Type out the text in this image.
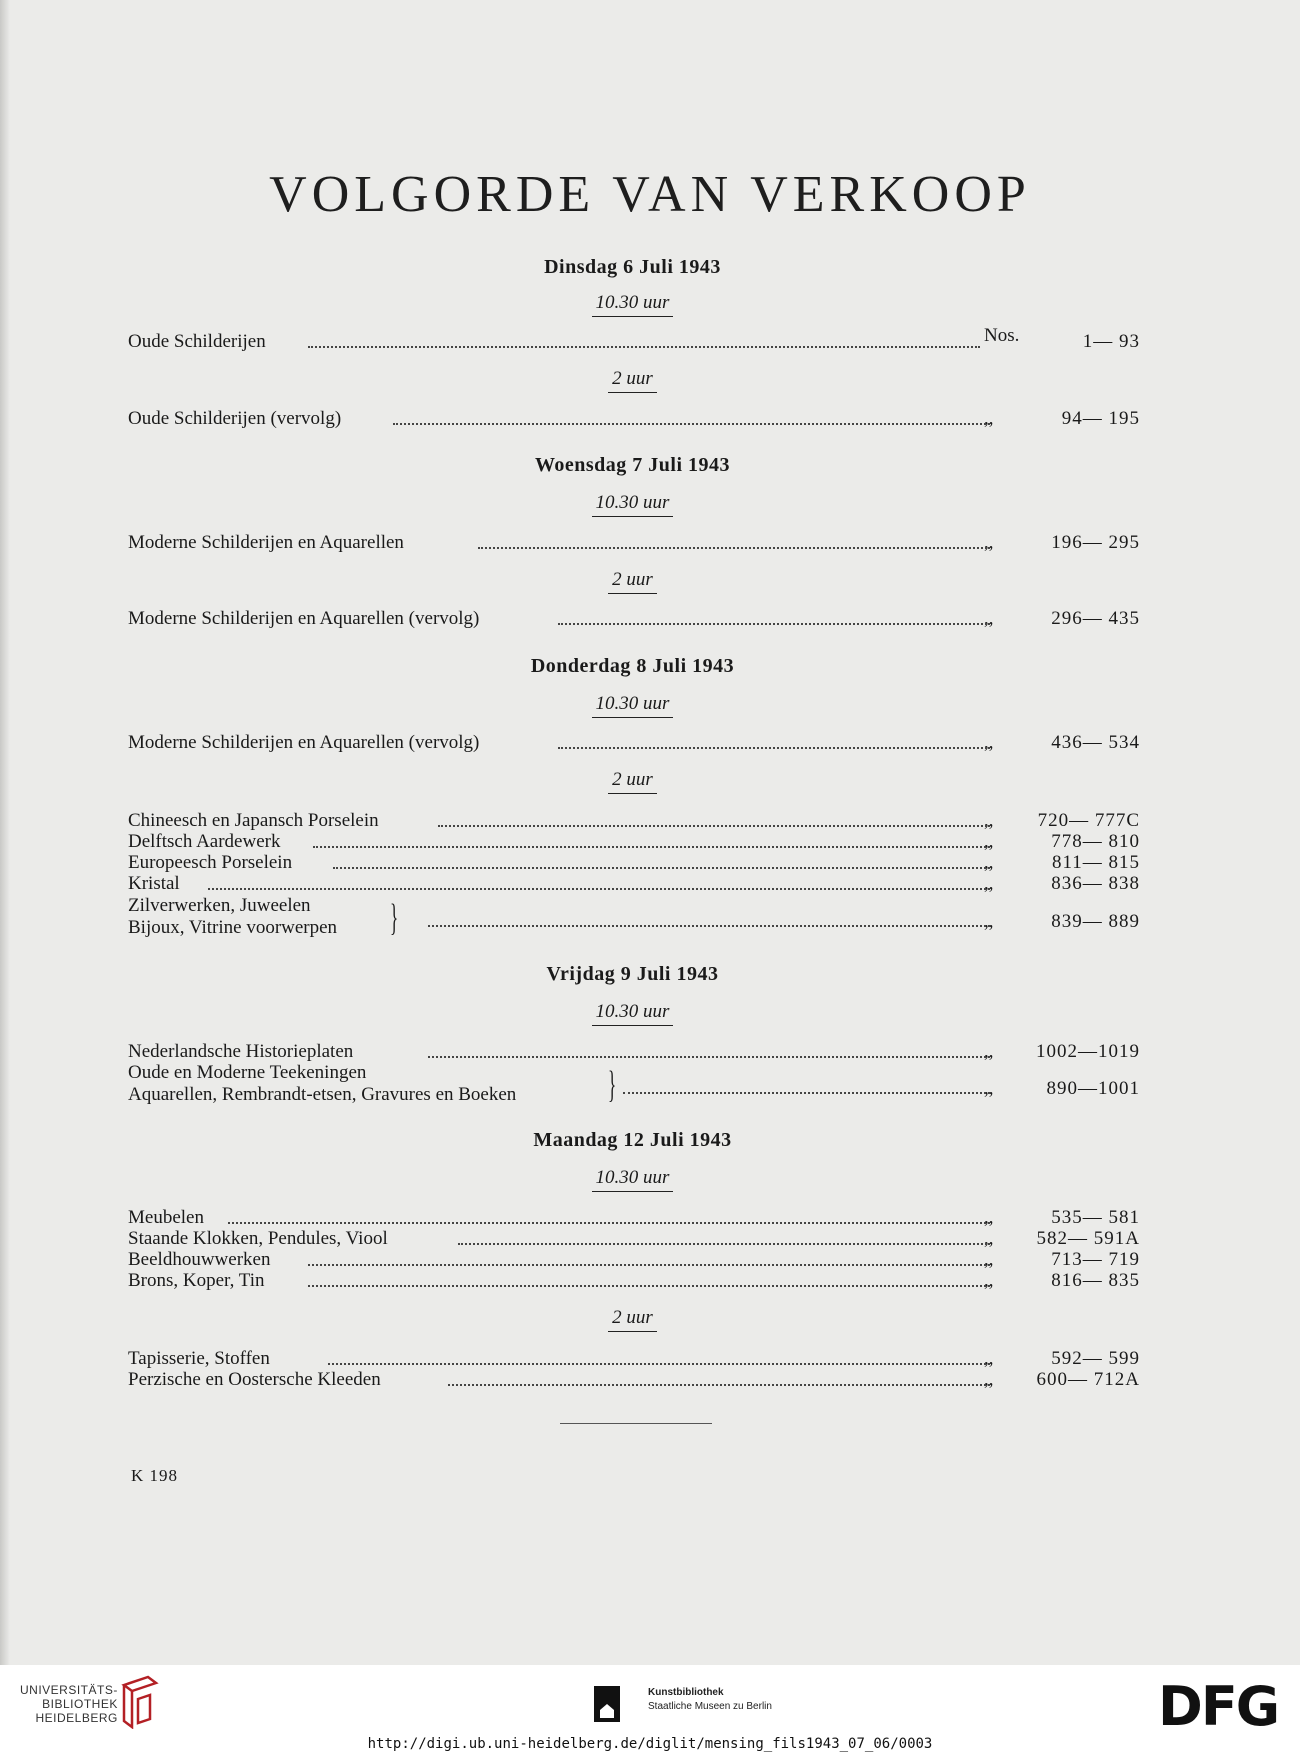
VOLGORDE VAN VERKOOP
Dinsdag 6 Juli 1943
10.30 uur
Oude Schilderijen	Nos.	1— 93
2 uur
Oude Schilderijen (vervolg)	,,	94— 195
Woensdag 7 Juli 1943
10.30 uur
Moderne Schilderijen en Aquarellen	,,	196— 295
2 uur
Moderne Schilderijen en Aquarellen (vervolg)	,,	296— 435
Donderdag 8 Juli 1943
10.30 uur
Moderne Schilderijen en Aquarellen (vervolg)	,,	436— 534
2 uur
Chineesch en Japansch Porselein	,,	720— 777C
Delftsch Aardewerk	,,	778— 810
Europeesch Porselein	,,	811— 815
Kristal	,,	836— 838
Zilverwerken, Juweelen
Bijoux, Vitrine voorwerpen }	,,	839— 889
Vrijdag 9 Juli 1943
10.30 uur
Nederlandsche Historieplaten	,,	1002—1019
Oude en Moderne Teekeningen
Aquarellen, Rembrandt-etsen, Gravures en Boeken }	,,	890—1001
Maandag 12 Juli 1943
10.30 uur
Meubelen	,,	535— 581
Staande Klokken, Pendules, Viool	,,	582— 591A
Beeldhouwwerken	,,	713— 719
Brons, Koper, Tin	,,	816— 835
2 uur
Tapisserie, Stoffen	,,	592— 599
Perzische en Oostersche Kleeden	,,	600— 712A
K 198
UNIVERSITÄTS-
BIBLIOTHEK
HEIDELBERG
Kunstbibliothek
Staatliche Museen zu Berlin	DFG
http://digi.ub.uni-heidelberg.de/diglit/mensing_fils1943_07_06/0003
